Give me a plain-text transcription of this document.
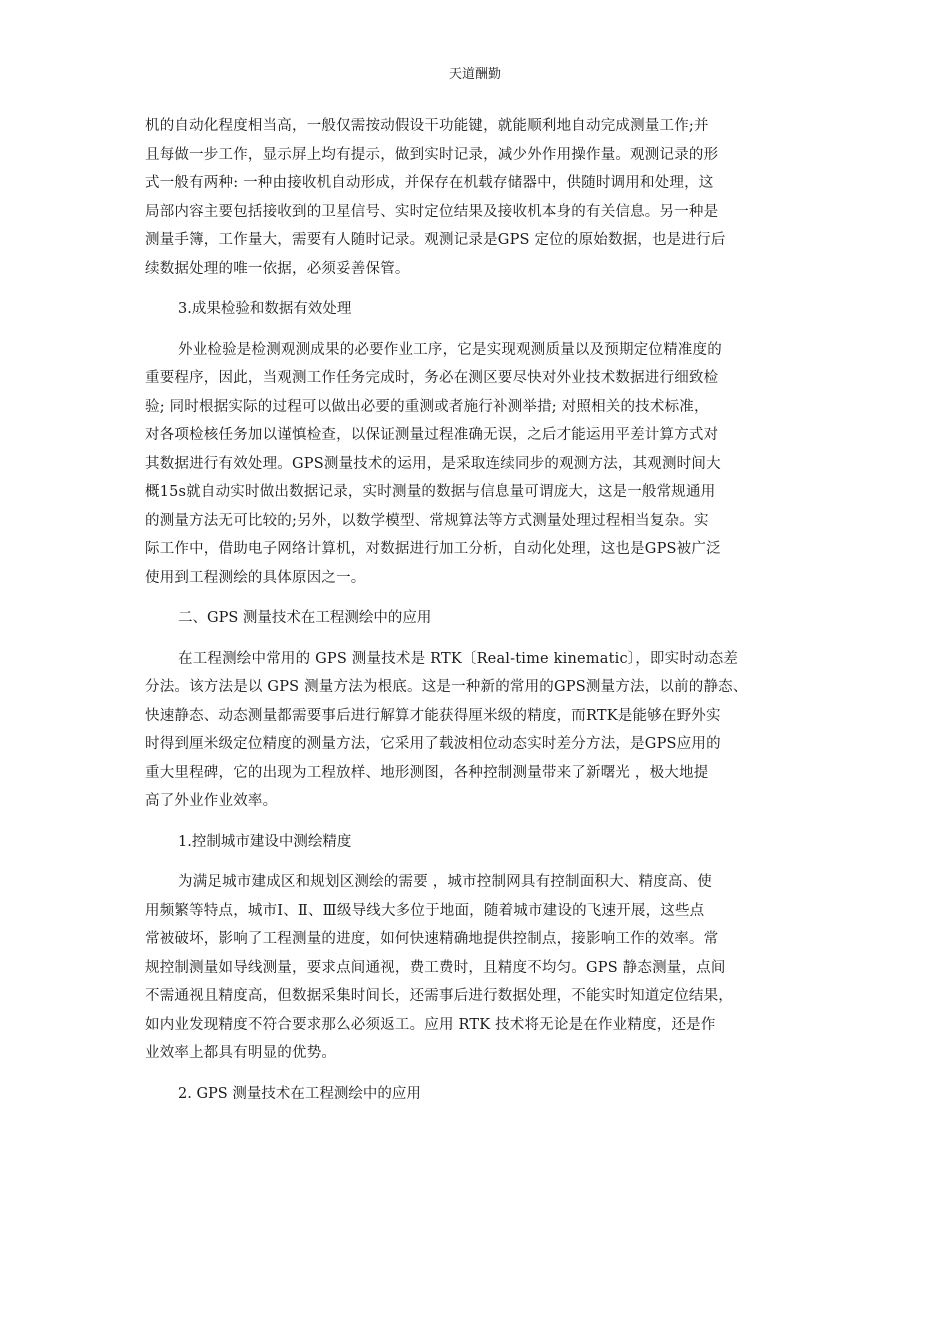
天道酬勤
机的自动化程度相当高，一般仅需按动假设干功能键，就能顺利地自动完成测量工作;并
且每做一步工作，显示屏上均有提示，做到实时记录，减少外作用操作量。观测记录的形
式一般有两种: 一种由接收机自动形成，并保存在机载存储器中，供随时调用和处理，这
局部内容主要包括接收到的卫星信号、实时定位结果及接收机本身的有关信息。另一种是
测量手簿，工作量大，需要有人随时记录。观测记录是GPS 定位的原始数据，也是进行后
续数据处理的唯一依据，必须妥善保管。
3.成果检验和数据有效处理
外业检验是检测观测成果的必要作业工序，它是实现观测质量以及预期定位精准度的
重要程序，因此，当观测工作任务完成时，务必在测区要尽快对外业技术数据进行细致检
验; 同时根据实际的过程可以做出必要的重测或者施行补测举措; 对照相关的技术标准，
对各项检核任务加以谨慎检查，以保证测量过程准确无误，之后才能运用平差计算方式对
其数据进行有效处理。GPS测量技术的运用，是采取连续同步的观测方法，其观测时间大
概15s就自动实时做出数据记录，实时测量的数据与信息量可谓庞大，这是一般常规通用
的测量方法无可比较的;另外，以数学模型、常规算法等方式测量处理过程相当复杂。实
际工作中，借助电子网络计算机，对数据进行加工分析，自动化处理，这也是GPS被广泛
使用到工程测绘的具体原因之一。
二、GPS 测量技术在工程测绘中的应用
在工程测绘中常用的 GPS 测量技术是 RTK〔Real-time kinematic〕，即实时动态差
分法。该方法是以 GPS 测量方法为根底。这是一种新的常用的GPS测量方法，以前的静态、
快速静态、动态测量都需要事后进行解算才能获得厘米级的精度，而RTK是能够在野外实
时得到厘米级定位精度的测量方法，它采用了载波相位动态实时差分方法，是GPS应用的
重大里程碑，它的出现为工程放样、地形测图，各种控制测量带来了新曙光 ，极大地提
高了外业作业效率。
1.控制城市建设中测绘精度
为满足城市建成区和规划区测绘的需要 ，城市控制网具有控制面积大、精度高、使
用频繁等特点，城市Ⅰ、Ⅱ、Ⅲ级导线大多位于地面，随着城市建设的飞速开展，这些点
常被破坏，影响了工程测量的进度，如何快速精确地提供控制点，接影响工作的效率。常
规控制测量如导线测量，要求点间通视，费工费时，且精度不均匀。GPS 静态测量，点间
不需通视且精度高，但数据采集时间长，还需事后进行数据处理，不能实时知道定位结果，
如内业发现精度不符合要求那么必须返工。应用 RTK 技术将无论是在作业精度，还是作
业效率上都具有明显的优势。
2. GPS 测量技术在工程测绘中的应用
